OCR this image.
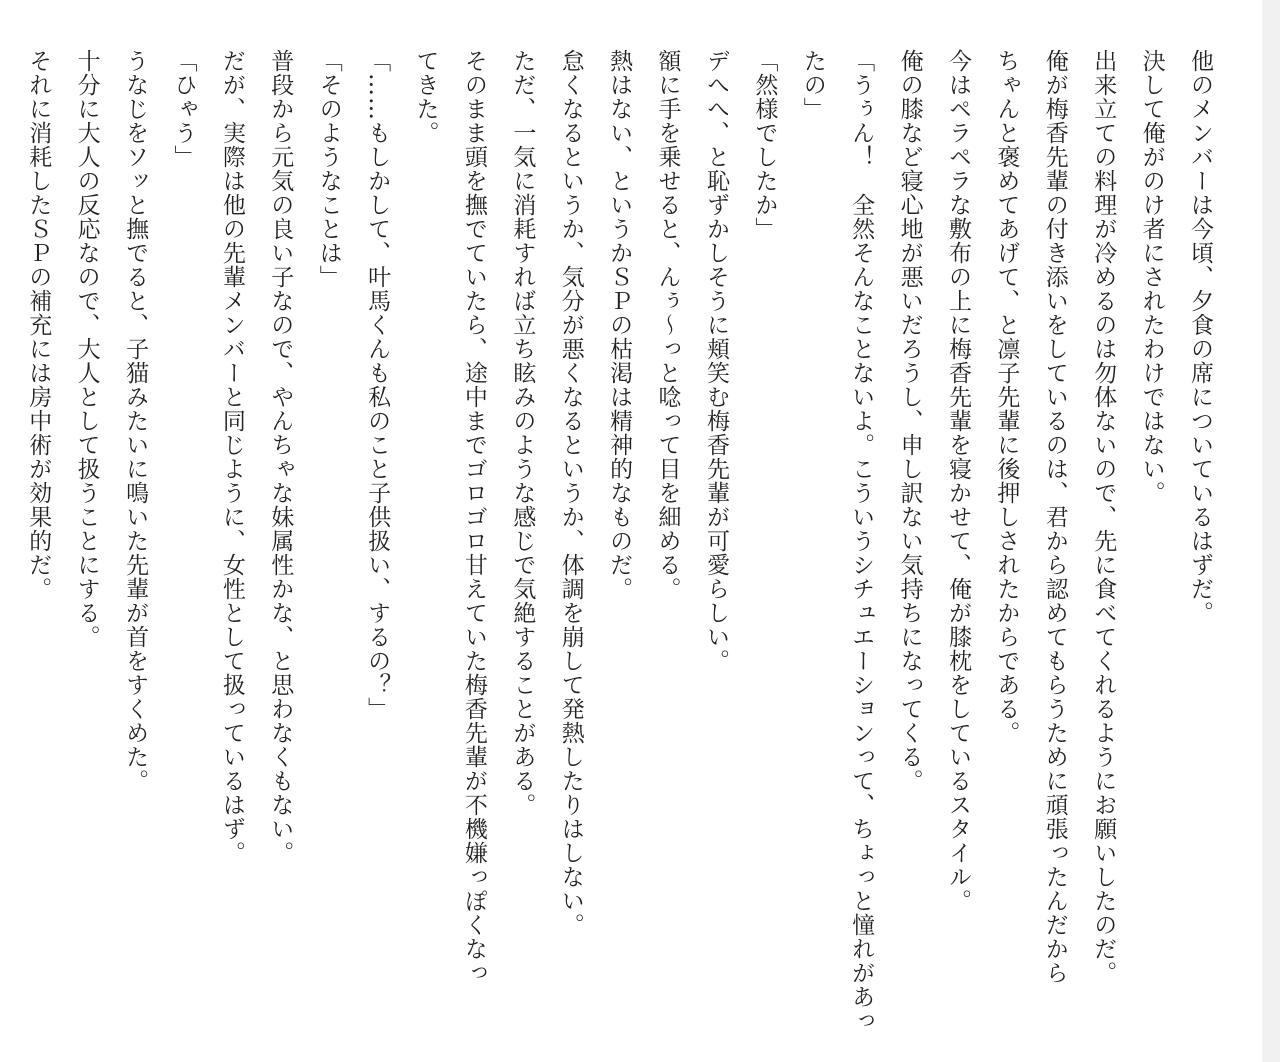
他のメンバーは今頃、夕食の席についているはずだ。
決して俺がのけ者にされたわけではない。
出来立ての料理が冷めるのは勿体ないので、先に食べてくれるようにお願いしたのだ。
俺が梅香先輩の付き添いをしているのは、君から認めてもらうために頑張ったんだから
ちゃんと褒めてあげて、と凛子先輩に後押しされたからである。
今はペラペラな敷布の上に梅香先輩を寝かせて、俺が膝枕をしているスタイル。
俺の膝など寝心地が悪いだろうし、申し訳ない気持ちになってくる。
「うぅん！　全然そんなことないよ。こういうシチュエーションって、ちょっと憧れがあっ
たの」
「然様でしたか」
デへへ、と恥ずかしそうに頬笑む梅香先輩が可愛らしい。
額に手を乗せると、んぅ〜っと唸って目を細める。
熱はない、というかＳＰの枯渇は精神的なものだ。
怠くなるというか、気分が悪くなるというか、体調を崩して発熱したりはしない。
ただ、一気に消耗すれば立ち眩みのような感じで気絶することがある。
そのまま頭を撫でていたら、途中までゴロゴロ甘えていた梅香先輩が不機嫌っぽくなっ
てきた。
「……もしかして、叶馬くんも私のこと子供扱い、するの？」
「そのようなことは」
普段から元気の良い子なので、やんちゃな妹属性かな、と思わなくもない。
だが、実際は他の先輩メンバーと同じように、女性として扱っているはず。
「ひゃう」
うなじをソッと撫でると、子猫みたいに鳴いた先輩が首をすくめた。
十分に大人の反応なので、大人として扱うことにする。
それに消耗したＳＰの補充には房中術が効果的だ。
